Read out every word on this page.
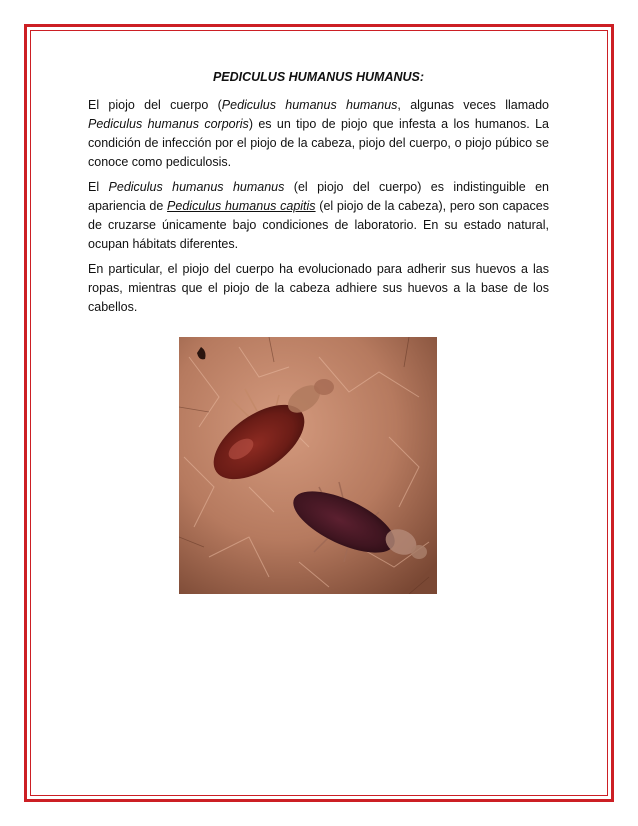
PEDICULUS HUMANUS HUMANUS:

El piojo del cuerpo (Pediculus humanus humanus, algunas veces llamado Pediculus humanus corporis) es un tipo de piojo que infesta a los humanos. La condición de infección por el piojo de la cabeza, piojo del cuerpo, o piojo púbico se conoce como pediculosis.

El Pediculus humanus humanus (el piojo del cuerpo) es indistinguible en apariencia de Pediculus humanus capitis (el piojo de la cabeza), pero son capaces de cruzarse únicamente bajo condiciones de laboratorio. En su estado natural, ocupan hábitats diferentes.

En particular, el piojo del cuerpo ha evolucionado para adherir sus huevos a las ropas, mientras que el piojo de la cabeza adhiere sus huevos a la base de los cabellos.
